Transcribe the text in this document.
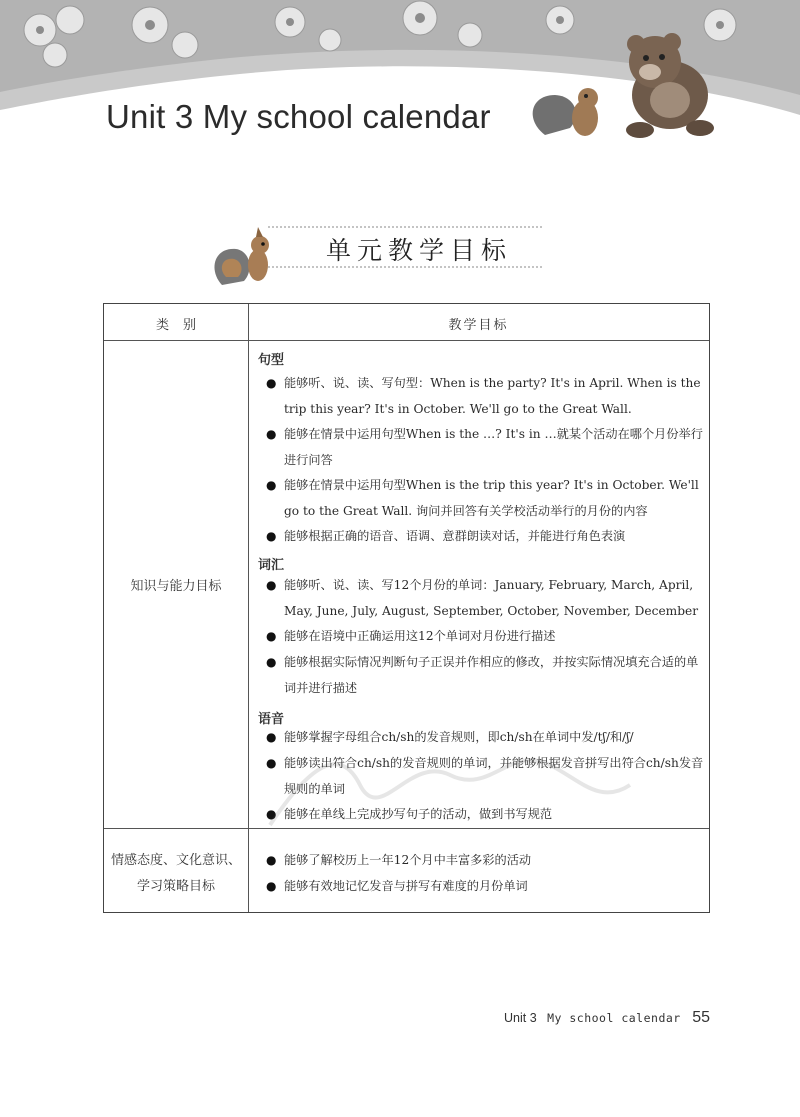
Unit 3 My school calendar
单元教学目标
类别	教学目标
知识与能力目标
句型
● 能够听、说、读、写句型：When is the party? It's in April. When is the trip this year? It's in October. We'll go to the Great Wall.
● 能够在情景中运用句型When is the …? It's in …就某个活动在哪个月份举行进行问答
● 能够在情景中运用句型When is the trip this year? It's in October. We'll go to the Great Wall. 询问并回答有关学校活动举行的月份的内容
● 能够根据正确的语音、语调、意群朗读对话，并能进行角色表演
词汇
● 能够听、说、读、写12个月份的单词：January, February, March, April, May, June, July, August, September, October, November, December
● 能够在语境中正确运用这12个单词对月份进行描述
● 能够根据实际情况判断句子正误并作相应的修改，并按实际情况填充合适的单词并进行描述
语音
● 能够掌握字母组合ch/sh的发音规则，即ch/sh在单词中发/tʃ/和/ʃ/
● 能够读出符合ch/sh的发音规则的单词，并能够根据发音拼写出符合ch/sh发音规则的单词
● 能够在单线上完成抄写句子的活动，做到书写规范
情感态度、文化意识、
学习策略目标
● 能够了解校历上一年12个月中丰富多彩的活动
● 能够有效地记忆发音与拼写有难度的月份单词
Unit 3 My school calendar 55
